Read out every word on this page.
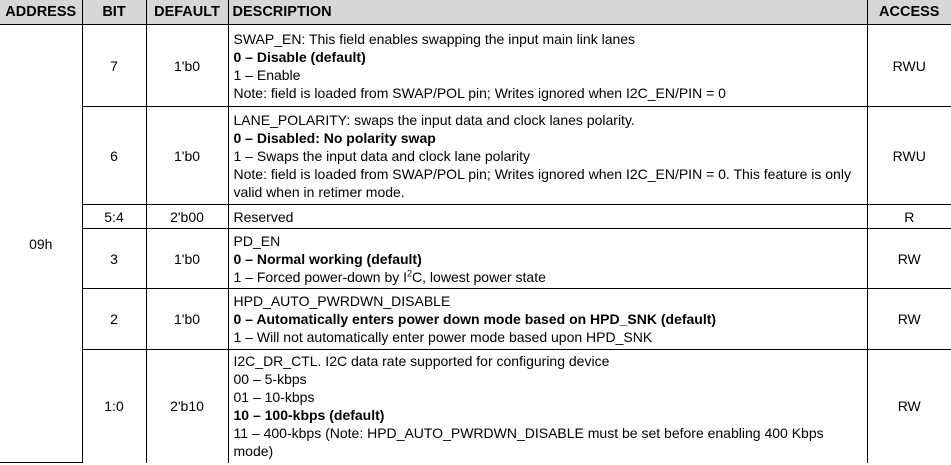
ADDRESS	BIT	DEFAULT	DESCRIPTION	ACCESS
09h	7	1'b0	SWAP_EN: This field enables swapping the input main link lanes
0 – Disable (default)
1 – Enable
Note: field is loaded from SWAP/POL pin; Writes ignored when I2C_EN/PIN = 0	RWU
	6	1'b0	LANE_POLARITY: swaps the input data and clock lanes polarity.
0 – Disabled: No polarity swap
1 – Swaps the input data and clock lane polarity
Note: field is loaded from SWAP/POL pin; Writes ignored when I2C_EN/PIN = 0. This feature is only valid when in retimer mode.	RWU
	5:4	2'b00	Reserved	R
	3	1'b0	PD_EN
0 – Normal working (default)
1 – Forced power-down by $I^2C$, lowest power state	RW
	2	1'b0	HPD_AUTO_PWRDWN_DISABLE
0 – Automatically enters power down mode based on HPD_SNK (default)
1 – Will not automatically enter power mode based upon HPD_SNK	RW
	1:0	2'b10	I2C_DR_CTL. I2C data rate supported for configuring device
00 – 5-kbps
01 – 10-kbps
10 – 100-kbps (default)
11 – 400-kbps (Note: HPD_AUTO_PWRDWN_DISABLE must be set before enabling 400 Kbps mode)	RW
